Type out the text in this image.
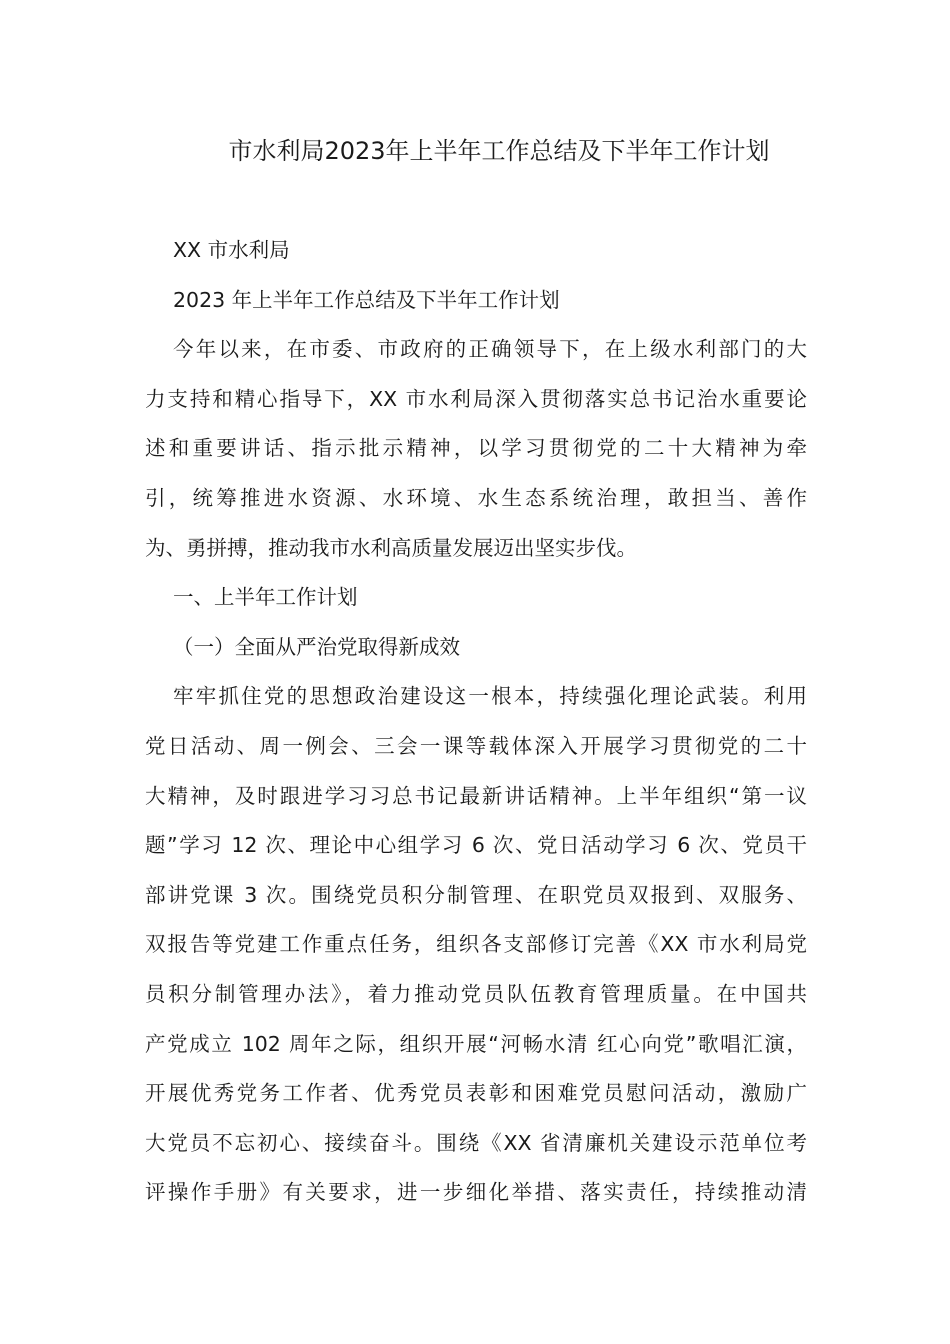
市水利局2023年上半年工作总结及下半年工作计划
XX 市水利局
2023 年上半年工作总结及下半年工作计划
今年以来，在市委、市政府的正确领导下，在上级水利部门的大
力支持和精心指导下，XX 市水利局深入贯彻落实总书记治水重要论
述和重要讲话、指示批示精神，以学习贯彻党的二十大精神为牵
引，统筹推进水资源、水环境、水生态系统治理，敢担当、善作
为、勇拼搏，推动我市水利高质量发展迈出坚实步伐。
一、上半年工作计划
（一）全面从严治党取得新成效
牢牢抓住党的思想政治建设这一根本，持续强化理论武装。利用
党日活动、周一例会、三会一课等载体深入开展学习贯彻党的二十
大精神，及时跟进学习习总书记最新讲话精神。上半年组织“第一议
题”学习 12 次、理论中心组学习 6 次、党日活动学习 6 次、党员干
部讲党课 3 次。围绕党员积分制管理、在职党员双报到、双服务、
双报告等党建工作重点任务，组织各支部修订完善《XX 市水利局党
员积分制管理办法》，着力推动党员队伍教育管理质量。在中国共
产党成立 102 周年之际，组织开展“河畅水清 红心向党”歌唱汇演，
开展优秀党务工作者、优秀党员表彰和困难党员慰问活动，激励广
大党员不忘初心、接续奋斗。围绕《XX 省清廉机关建设示范单位考
评操作手册》有关要求，进一步细化举措、落实责任，持续推动清
